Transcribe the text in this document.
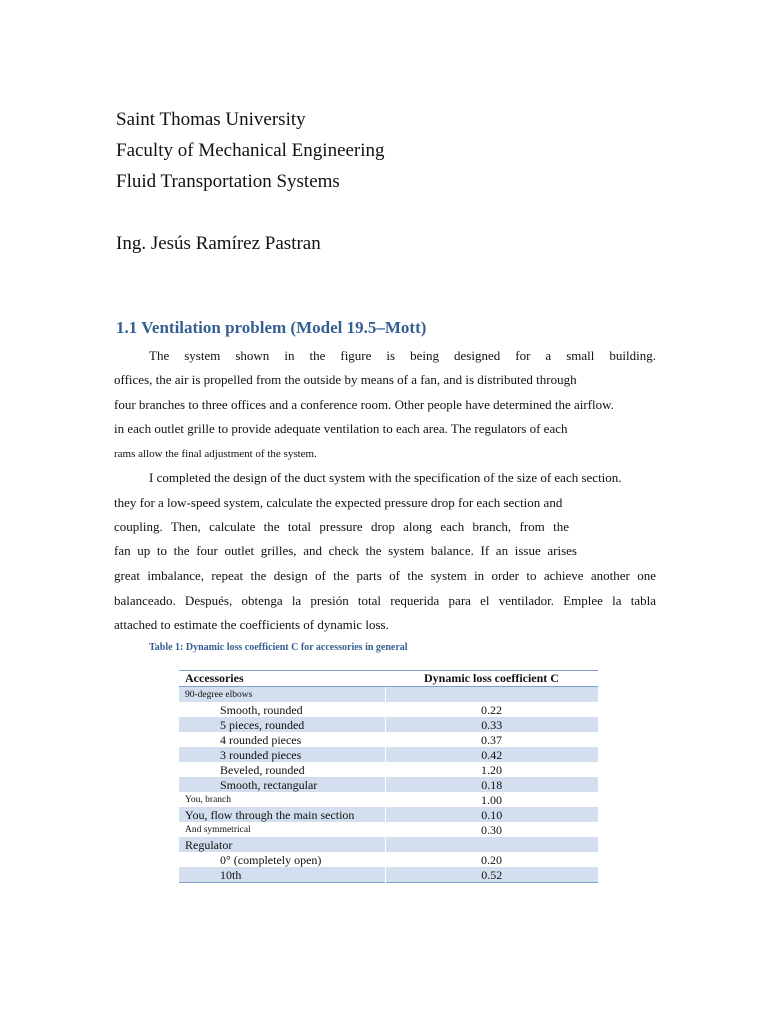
Saint Thomas University
Faculty of Mechanical Engineering
Fluid Transportation Systems
Ing. Jesús Ramírez Pastran
1.1 Ventilation problem (Model 19.5–Mott)
The system shown in the figure is being designed for a small building.
offices, the air is propelled from the outside by means of a fan, and is distributed through
four branches to three offices and a conference room. Other people have determined the airflow.
in each outlet grille to provide adequate ventilation to each area. The regulators of each
rams allow the final adjustment of the system.
I completed the design of the duct system with the specification of the size of each section.
they for a low-speed system, calculate the expected pressure drop for each section and
coupling. Then, calculate the total pressure drop along each branch, from the
fan up to the four outlet grilles, and check the system balance. If an issue arises
great imbalance, repeat the design of the parts of the system in order to achieve another one
balanceado. Después, obtenga la presión total requerida para el ventilador. Emplee la tabla
attached to estimate the coefficients of dynamic loss.
Table 1: Dynamic loss coefficient C for accessories in general
Accessories	Dynamic loss coefficient C
90-degree elbows	
Smooth, rounded	0.22
5 pieces, rounded	0.33
4 rounded pieces	0.37
3 rounded pieces	0.42
Beveled, rounded	1.20
Smooth, rectangular	0.18
You, branch	1.00
You, flow through the main section	0.10
And symmetrical	0.30
Regulator	
0° (completely open)	0.20
10th	0.52
